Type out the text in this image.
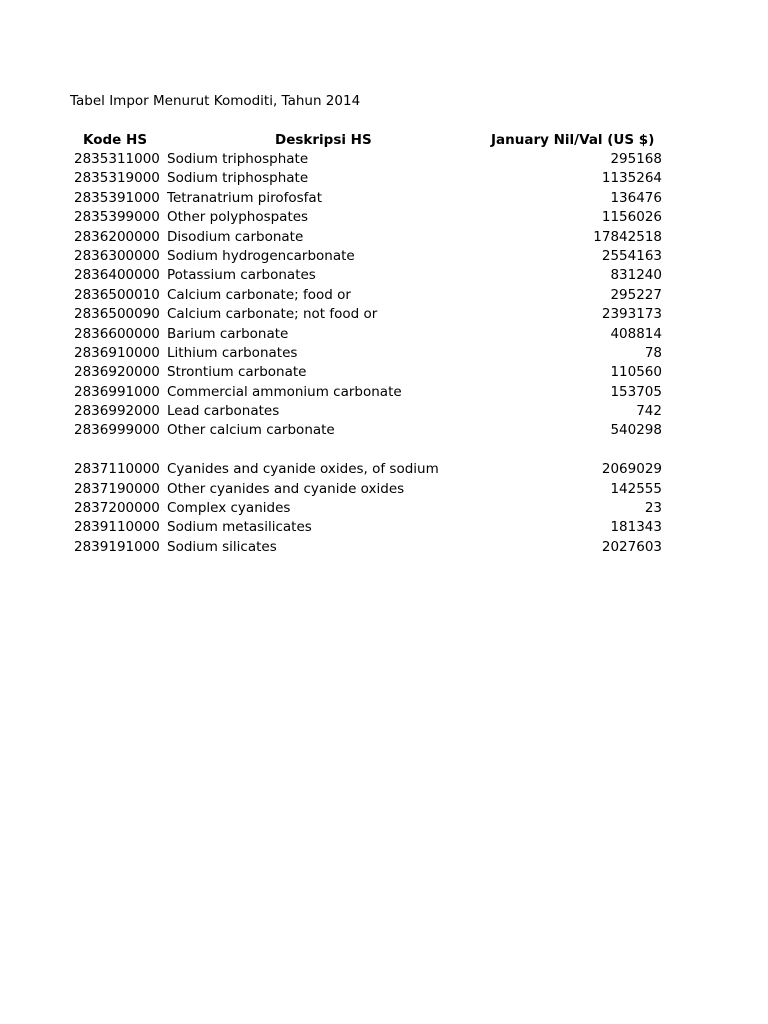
Tabel Impor Menurut Komoditi, Tahun 2014
Kode HS	Deskripsi HS	January Nil/Val (US $)
2835311000 Sodium triphosphate	295168
2835319000 Sodium triphosphate	1135264
2835391000 Tetranatrium pirofosfat	136476
2835399000 Other polyphospates	1156026
2836200000 Disodium carbonate	17842518
2836300000 Sodium hydrogencarbonate	2554163
2836400000 Potassium carbonates	831240
2836500010 Calcium carbonate; food or	295227
2836500090 Calcium carbonate; not food or	2393173
2836600000 Barium carbonate	408814
2836910000 Lithium carbonates	78
2836920000 Strontium carbonate	110560
2836991000 Commercial ammonium carbonate	153705
2836992000 Lead carbonates	742
2836999000 Other calcium carbonate	540298
2837110000 Cyanides and cyanide oxides, of sodium	2069029
2837190000 Other cyanides and cyanide oxides	142555
2837200000 Complex cyanides	23
2839110000 Sodium metasilicates	181343
2839191000 Sodium silicates	2027603
